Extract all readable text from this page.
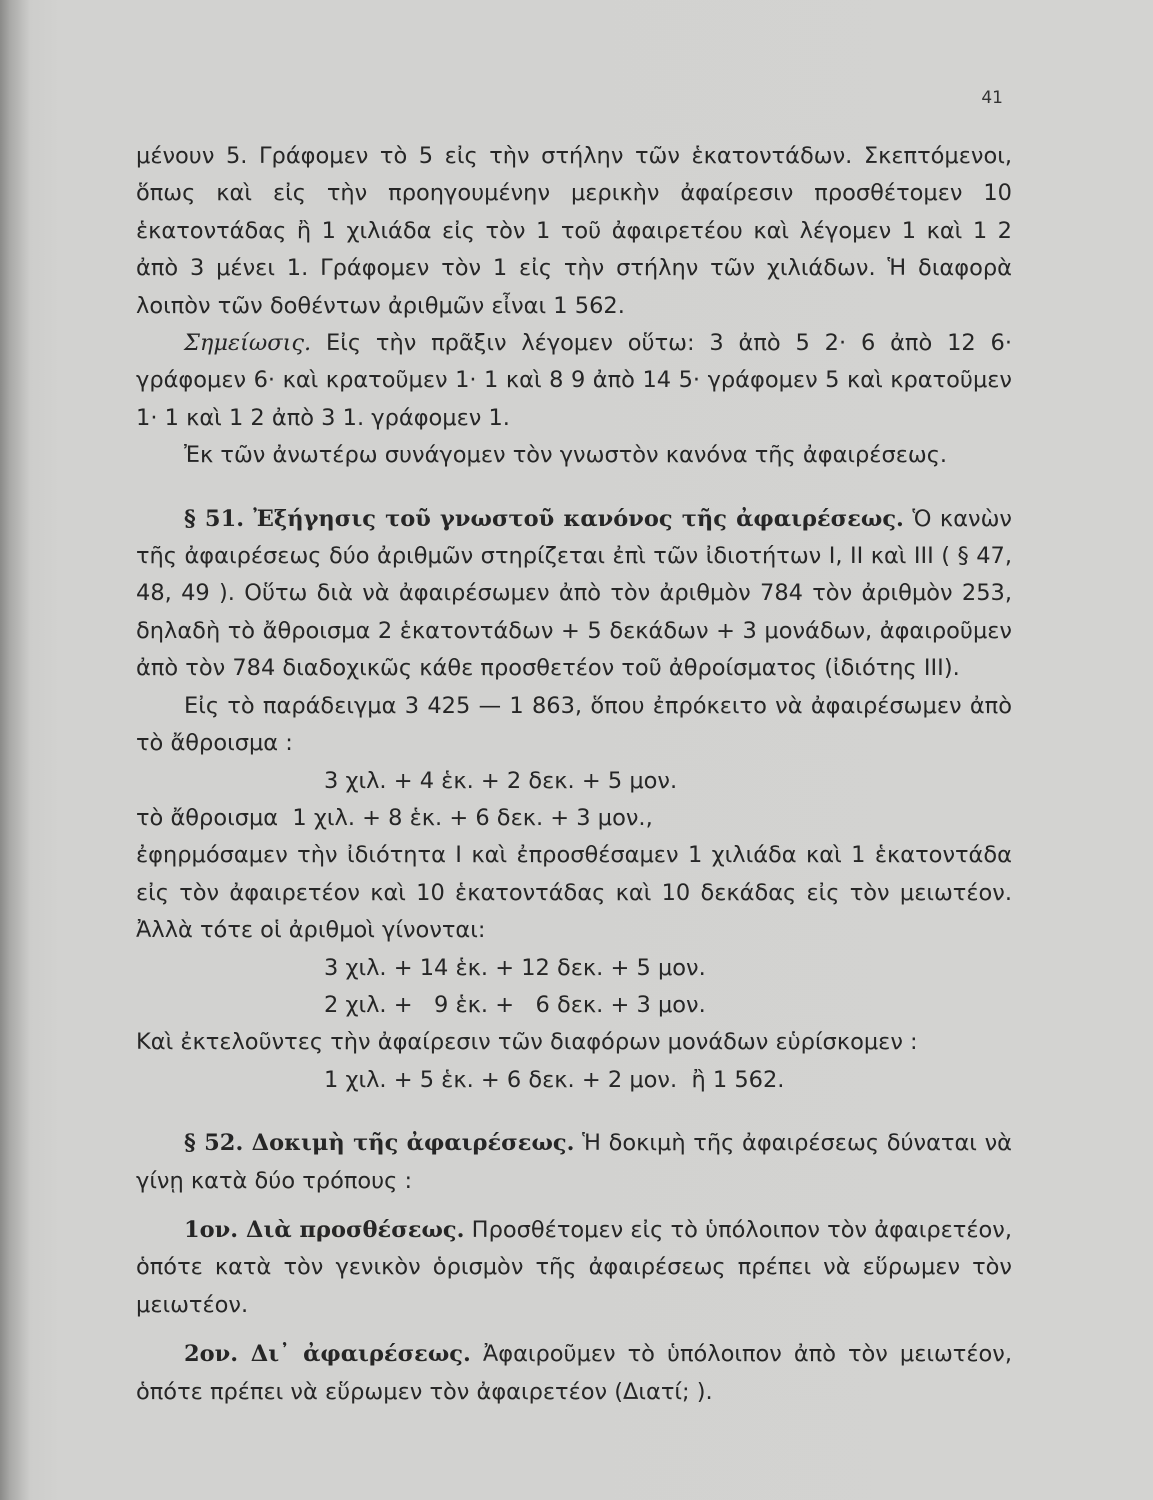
41

μένουν 5. Γράφομεν τὸ 5 εἰς τὴν στήλην τῶν ἑκατοντάδων. Σκεπτόμενοι, ὅπως καὶ εἰς τὴν προηγουμένην μερικὴν ἀφαίρεσιν προσθέτομεν 10 ἑκατοντάδας ἢ 1 χιλιάδα εἰς τὸν 1 τοῦ ἀφαιρετέου καὶ λέγομεν 1 καὶ 1 2 ἀπὸ 3 μένει 1. Γράφομεν τὸν 1 εἰς τὴν στήλην τῶν χιλιάδων. Ἡ διαφορὰ λοιπὸν τῶν δοθέντων ἀριθμῶν εἶναι 1 562.

Σημείωσις. Εἰς τὴν πρᾶξιν λέγομεν οὕτω: 3 ἀπὸ 5 2· 6 ἀπὸ 12 6· γράφομεν 6· καὶ κρατοῦμεν 1· 1 καὶ 8 9 ἀπὸ 14 5· γράφομεν 5 καὶ κρατοῦμεν 1· 1 καὶ 1 2 ἀπὸ 3 1. γράφομεν 1.

Ἐκ τῶν ἀνωτέρω συνάγομεν τὸν γνωστὸν κανόνα τῆς ἀφαιρέσεως.

§ 51. Ἐξήγησις τοῦ γνωστοῦ κανόνος τῆς ἀφαιρέσεως. Ὁ κανὼν τῆς ἀφαιρέσεως δύο ἀριθμῶν στηρίζεται ἐπὶ τῶν ἰδιοτήτων I, II καὶ III ( § 47, 48, 49 ). Οὕτω διὰ νὰ ἀφαιρέσωμεν ἀπὸ τὸν ἀριθμὸν 784 τὸν ἀριθμὸν 253, δηλαδὴ τὸ ἄθροισμα 2 ἑκατοντάδων + 5 δεκάδων + 3 μονάδων, ἀφαιροῦμεν ἀπὸ τὸν 784 διαδοχικῶς κάθε προσθετέον τοῦ ἀθροίσματος (ἰδιότης III).

Εἰς τὸ παράδειγμα 3 425 — 1 863, ὅπου ἐπρόκειτο νὰ ἀφαιρέσωμεν ἀπὸ τὸ ἄθροισμα :

3 χιλ. + 4 ἑκ. + 2 δεκ. + 5 μον.

τὸ ἄθροισμα  1 χιλ. + 8 ἑκ. + 6 δεκ. + 3 μον.,

ἐφηρμόσαμεν τὴν ἰδιότητα I καὶ ἐπροσθέσαμεν 1 χιλιάδα καὶ 1 ἑκατοντάδα εἰς τὸν ἀφαιρετέον καὶ 10 ἑκατοντάδας καὶ 10 δεκάδας εἰς τὸν μειωτέον. Ἀλλὰ τότε οἱ ἀριθμοὶ γίνονται:

3 χιλ. + 14 ἑκ. + 12 δεκ. + 5 μον.

2 χιλ. +   9 ἑκ. +   6 δεκ. + 3 μον.

Καὶ ἐκτελοῦντες τὴν ἀφαίρεσιν τῶν διαφόρων μονάδων εὑρίσκομεν :

1 χιλ. + 5 ἑκ. + 6 δεκ. + 2 μον.  ἢ 1 562.

§ 52. Δοκιμὴ τῆς ἀφαιρέσεως. Ἡ δοκιμὴ τῆς ἀφαιρέσεως δύναται νὰ γίνῃ κατὰ δύο τρόπους :

1ον. Διὰ προσθέσεως. Προσθέτομεν εἰς τὸ ὑπόλοιπον τὸν ἀφαιρετέον, ὁπότε κατὰ τὸν γενικὸν ὁρισμὸν τῆς ἀφαιρέσεως πρέπει νὰ εὕρωμεν τὸν μειωτέον.

2ον. Δι᾽ ἀφαιρέσεως. Ἀφαιροῦμεν τὸ ὑπόλοιπον ἀπὸ τὸν μειωτέον, ὁπότε πρέπει νὰ εὕρωμεν τὸν ἀφαιρετέον (Διατί; ).
